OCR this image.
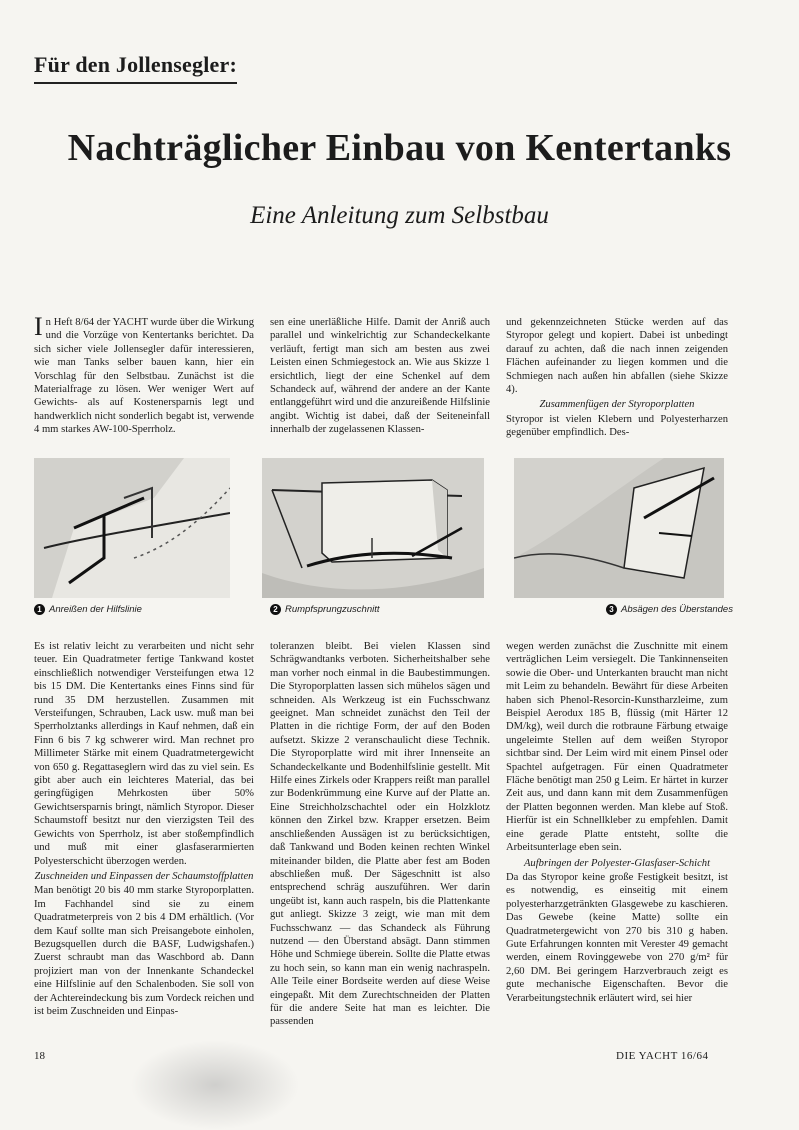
Für den Jollensegler:
Nachträglicher Einbau von Kentertanks
Eine Anleitung zum Selbstbau

In Heft 8/64 der YACHT wurde über die Wirkung und die Vorzüge von Kentertanks berichtet. Da sich sicher viele Jollensegler dafür interessieren, wie man Tanks selber bauen kann, hier ein Vorschlag für den Selbstbau. Zunächst ist die Materialfrage zu lösen. Wer weniger Wert auf Gewichts- als auf Kostenersparnis legt und handwerklich nicht sonderlich begabt ist, verwende 4 mm starkes AW-100-Sperrholz.

sen eine unerläßliche Hilfe. Damit der Anriß auch parallel und winkelrichtig zur Schandeckelkante verläuft, fertigt man sich am besten aus zwei Leisten einen Schmiegestock an. Wie aus Skizze 1 ersichtlich, liegt der eine Schenkel auf dem Schandeck auf, während der andere an der Kante entlanggeführt wird und die anzureißende Hilfslinie angibt. Wichtig ist dabei, daß der Seiteneinfall innerhalb der zugelassenen Klassen-

und gekennzeichneten Stücke werden auf das Styropor gelegt und kopiert. Dabei ist unbedingt darauf zu achten, daß die nach innen zeigenden Flächen aufeinander zu liegen kommen und die Schmiegen nach außen hin abfallen (siehe Skizze 4).

Zusammenfügen der Styroporplatten

Styropor ist vielen Klebern und Polyesterharzen gegenüber empfindlich. Des-

1 Anreißen der Hilfslinie	2 Rumpfsprungzuschnitt	3 Absägen des Überstandes

Es ist relativ leicht zu verarbeiten und nicht sehr teuer. Ein Quadratmeter fertige Tankwand kostet einschließlich notwendiger Versteifungen etwa 12 bis 15 DM. Die Kentertanks eines Finns sind für rund 35 DM herzustellen. Zusammen mit Versteifungen, Schrauben, Lack usw. muß man bei Sperrholztanks allerdings in Kauf nehmen, daß ein Finn 6 bis 7 kg schwerer wird. Man rechnet pro Millimeter Stärke mit einem Quadratmetergewicht von 650 g. Regattaseglern wird das zu viel sein. Es gibt aber auch ein leichteres Material, das bei geringfügigen Mehrkosten über 50% Gewichtsersparnis bringt, nämlich Styropor. Dieser Schaumstoff besitzt nur den vierzigsten Teil des Gewichts von Sperrholz, ist aber stoßempfindlich und muß mit einer glasfaserarmierten Polyesterschicht überzogen werden.

Zuschneiden und Einpassen der Schaumstoffplatten

Man benötigt 20 bis 40 mm starke Styroporplatten. Im Fachhandel sind sie zu einem Quadratmeterpreis von 2 bis 4 DM erhältlich. (Vor dem Kauf sollte man sich Preisangebote einholen, Bezugsquellen durch die BASF, Ludwigshafen.) Zuerst schraubt man das Waschbord ab. Dann projiziert man von der Innenkante Schandeckel eine Hilfslinie auf den Schalenboden. Sie soll von der Achtereindeckung bis zum Vordeck reichen und ist beim Zuschneiden und Einpas-

toleranzen bleibt. Bei vielen Klassen sind Schrägwandtanks verboten. Sicherheitshalber sehe man vorher noch einmal in die Baubestimmungen. Die Styroporplatten lassen sich mühelos sägen und schneiden. Als Werkzeug ist ein Fuchsschwanz geeignet. Man schneidet zunächst den Teil der Platten in die richtige Form, der auf den Boden aufsetzt. Skizze 2 veranschaulicht diese Technik. Die Styroporplatte wird mit ihrer Innenseite an Schandeckelkante und Bodenhilfslinie gestellt. Mit Hilfe eines Zirkels oder Krappers reißt man parallel zur Bodenkrümmung eine Kurve auf der Platte an. Eine Streichholzschachtel oder ein Holzklotz können den Zirkel bzw. Krapper ersetzen. Beim anschließenden Aussägen ist zu berücksichtigen, daß Tankwand und Boden keinen rechten Winkel miteinander bilden, die Platte aber fest am Boden abschließen muß. Der Sägeschnitt ist also entsprechend schräg auszuführen. Wer darin ungeübt ist, kann auch raspeln, bis die Plattenkante gut anliegt. Skizze 3 zeigt, wie man mit dem Fuchsschwanz — das Schandeck als Führung nutzend — den Überstand absägt. Dann stimmen Höhe und Schmiege überein. Sollte die Platte etwas zu hoch sein, so kann man ein wenig nachraspeln. Alle Teile einer Bordseite werden auf diese Weise eingepaßt. Mit dem Zurechtschneiden der Platten für die andere Seite hat man es leichter. Die passenden

wegen werden zunächst die Zuschnitte mit einem verträglichen Leim versiegelt. Die Tankinnenseiten sowie die Ober- und Unterkanten braucht man nicht mit Leim zu behandeln. Bewährt für diese Arbeiten haben sich Phenol-Resorcin-Kunstharzleime, zum Beispiel Aerodux 185 B, flüssig (mit Härter 12 DM/kg), weil durch die rotbraune Färbung etwaige ungeleimte Stellen auf dem weißen Styropor sichtbar sind. Der Leim wird mit einem Pinsel oder Spachtel aufgetragen. Für einen Quadratmeter Fläche benötigt man 250 g Leim. Er härtet in kurzer Zeit aus, und dann kann mit dem Zusammenfügen der Platten begonnen werden. Man klebe auf Stoß. Hierfür ist ein Schnellkleber zu empfehlen. Damit eine gerade Platte entsteht, sollte die Arbeitsunterlage eben sein.

Aufbringen der Polyester-Glasfaser-Schicht

Da das Styropor keine große Festigkeit besitzt, ist es notwendig, es einseitig mit einem polyesterharzgetränkten Glasgewebe zu kaschieren. Das Gewebe (keine Matte) sollte ein Quadratmetergewicht von 270 bis 310 g haben. Gute Erfahrungen konnten mit Verester 49 gemacht werden, einem Rovinggewebe von 270 g/m² für 2,60 DM. Bei geringem Harzverbrauch zeigt es gute mechanische Eigenschaften. Bevor die Verarbeitungstechnik erläutert wird, sei hier

18	DIE YACHT 16/64
